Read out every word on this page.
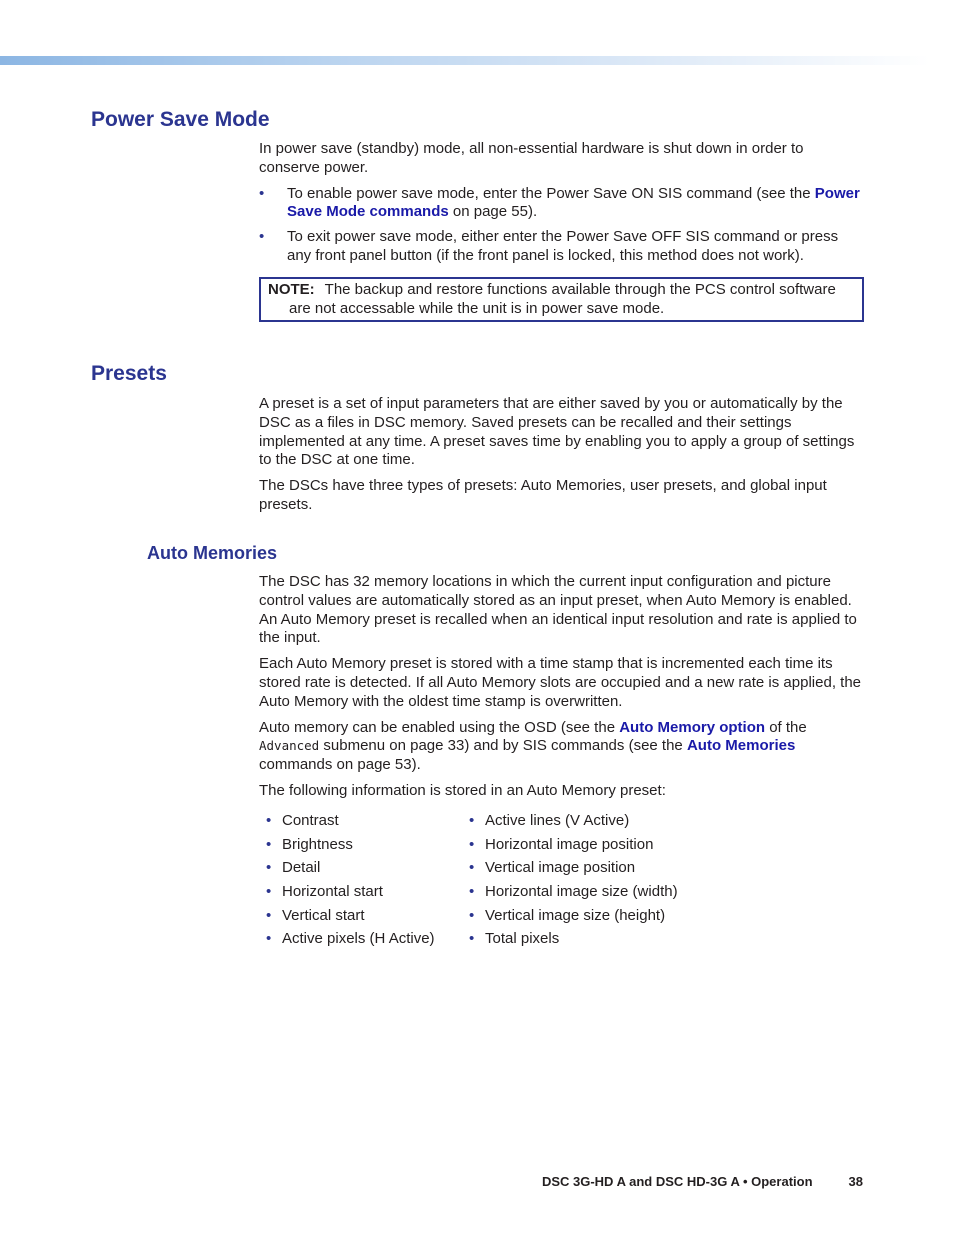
Power Save Mode

In power save (standby) mode, all non-essential hardware is shut down in order to conserve power.

• To enable power save mode, enter the Power Save ON SIS command (see the Power Save Mode commands on page 55).
• To exit power save mode, either enter the Power Save OFF SIS command or press any front panel button (if the front panel is locked, this method does not work).
NOTE: The backup and restore functions available through the PCS control software
are not accessable while the unit is in power save mode.
Presets

A preset is a set of input parameters that are either saved by you or automatically by the DSC as a files in DSC memory. Saved presets can be recalled and their settings implemented at any time. A preset saves time by enabling you to apply a group of settings to the DSC at one time.

The DSCs have three types of presets: Auto Memories, user presets, and global input presets.

Auto Memories

The DSC has 32 memory locations in which the current input configuration and picture control values are automatically stored as an input preset, when Auto Memory is enabled. An Auto Memory preset is recalled when an identical input resolution and rate is applied to the input.

Each Auto Memory preset is stored with a time stamp that is incremented each time its stored rate is detected. If all Auto Memory slots are occupied and a new rate is applied, the Auto Memory with the oldest time stamp is overwritten.

Auto memory can be enabled using the OSD (see the Auto Memory option of the Advanced submenu on page 33) and by SIS commands (see the Auto Memories commands on page 53).

The following information is stored in an Auto Memory preset:

• Contrast
• Brightness
• Detail
• Horizontal start
• Vertical start
• Active pixels (H Active)
• Active lines (V Active)
• Horizontal image position
• Vertical image position
• Horizontal image size (width)
• Vertical image size (height)
• Total pixels
DSC 3G-HD A and DSC HD-3G A • Operation	38
